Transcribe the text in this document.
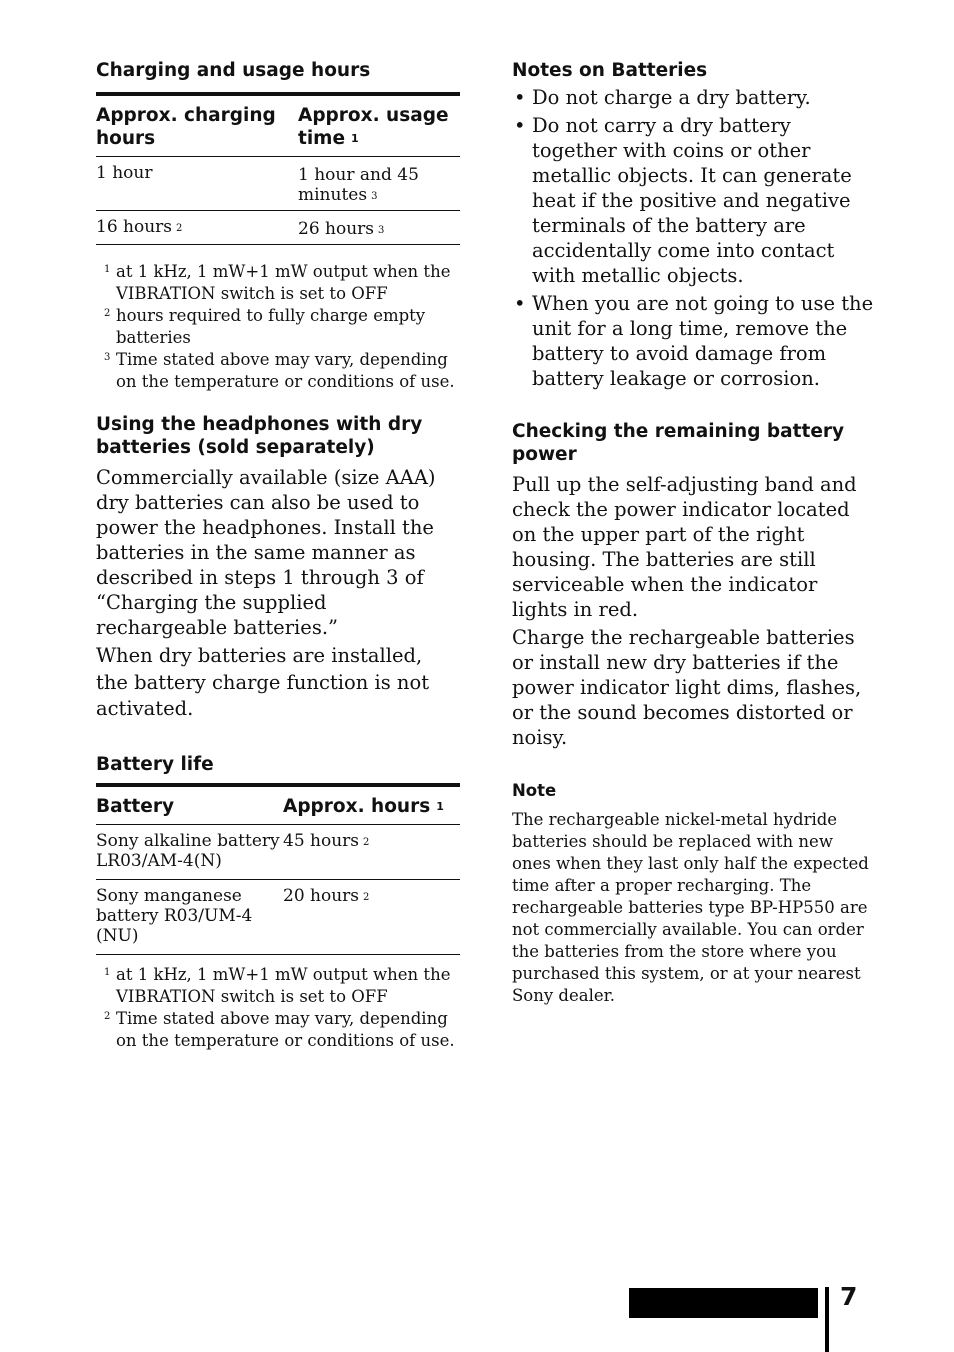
Charging and usage hours
Approx. charging hours	Approx. usage time $^1$
1 hour	1 hour and 45 minutes $^3$
16 hours $^2$	26 hours $^3$
1 at 1 kHz, 1 mW+1 mW output when the VIBRATION switch is set to OFF
2 hours required to fully charge empty batteries
3 Time stated above may vary, depending on the temperature or conditions of use.
Using the headphones with dry batteries (sold separately)

Commercially available (size AAA) dry batteries can also be used to power the headphones. Install the batteries in the same manner as described in steps 1 through 3 of “Charging the supplied rechargeable batteries.”

When dry batteries are installed, the battery charge function is not activated.

Battery life
Battery	Approx. hours $^1$
Sony alkaline battery LR03/AM-4(N)	45 hours $^2$
Sony manganese battery R03/UM-4 (NU)	20 hours $^2$
1 at 1 kHz, 1 mW+1 mW output when the VIBRATION switch is set to OFF
2 Time stated above may vary, depending on the temperature or conditions of use.
Notes on Batteries
• Do not charge a dry battery.
• Do not carry a dry battery together with coins or other metallic objects. It can generate heat if the positive and negative terminals of the battery are accidentally come into contact with metallic objects.
• When you are not going to use the unit for a long time, remove the battery to avoid damage from battery leakage or corrosion.
Checking the remaining battery power

Pull up the self-adjusting band and check the power indicator located on the upper part of the right housing. The batteries are still serviceable when the indicator lights in red.

Charge the rechargeable batteries or install new dry batteries if the power indicator light dims, flashes, or the sound becomes distorted or noisy.

Note

The rechargeable nickel-metal hydride batteries should be replaced with new ones when they last only half the expected time after a proper recharging. The rechargeable batteries type BP-HP550 are not commercially available. You can order the batteries from the store where you purchased this system, or at your nearest Sony dealer.

7
